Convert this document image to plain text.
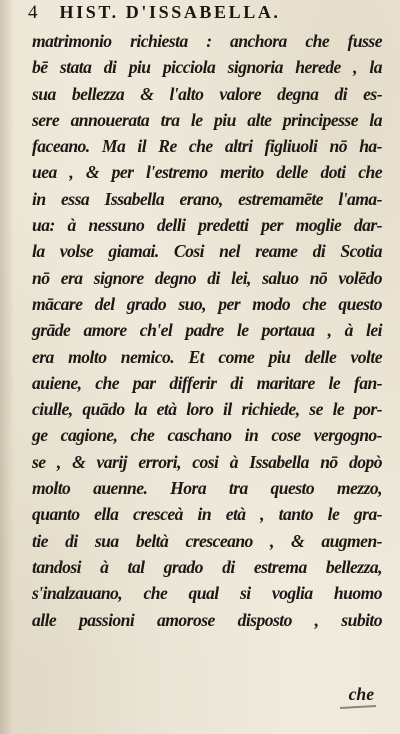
4 HIST. D'ISSABELLA.
matrimonio richiesta : anchora che fusse
bē stata di piu picciola signoria herede , la
sua bellezza & l'alto valore degna di es-
sere annouerata tra le piu alte principesse la
faceano. Ma il Re che altri figliuoli nō ha-
uea , & per l'estremo merito delle doti che
in essa Issabella erano, estremamēte l'ama-
ua: à nessuno delli predetti per moglie dar-
la volse giamai. Cosi nel reame di Scotia
nō era signore degno di lei, saluo nō volēdo
mācare del grado suo, per modo che questo
grāde amore ch'el padre le portaua , à lei
era molto nemico. Et come piu delle volte
auiene, che par differir di maritare le fan-
ciulle, quādo la età loro il richiede, se le por-
ge cagione, che caschano in cose vergogno-
se , & varij errori, cosi à Issabella nō dopò
molto auenne. Hora tra questo mezzo,
quanto ella cresceà in età , tanto le gra-
tie di sua beltà cresceano , & augmen-
tandosi à tal grado di estrema bellezza,
s'inalzauano, che qual si voglia huomo
alle passioni amorose disposto , subito
che
